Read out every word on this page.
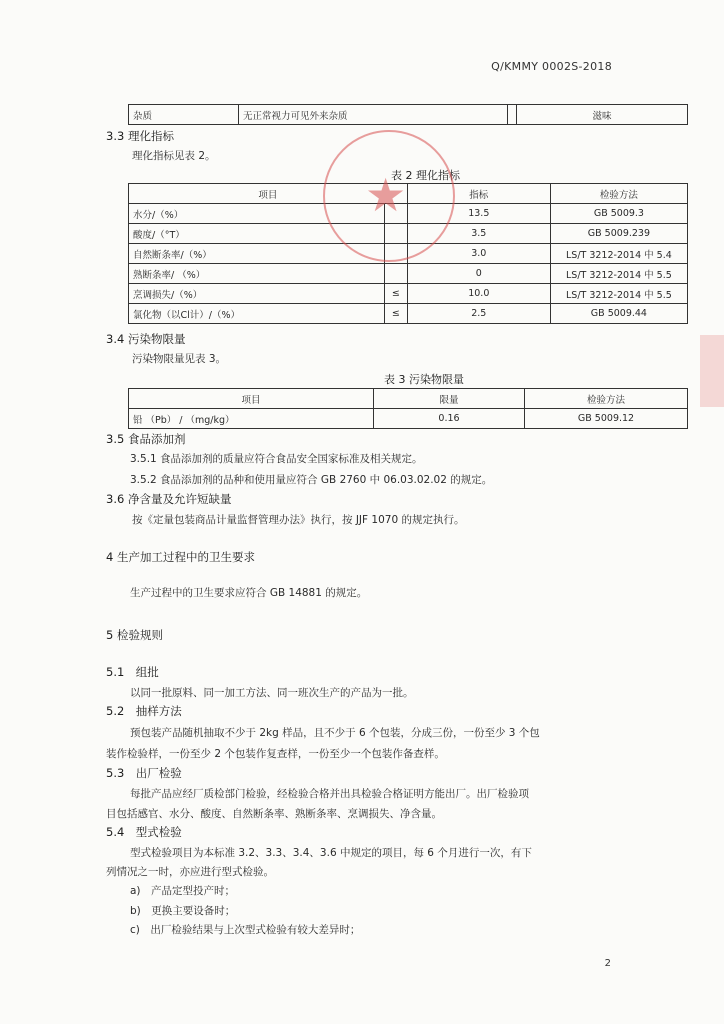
Q/KMMY 0002S-2018
杂质	无正常视力可见外来杂质		滋味
3.3 理化指标
理化指标见表 2。
表 2 理化指标
项目		指标	检验方法
水分/（%）		13.5	GB 5009.3
酸度/（°T）		3.5	GB 5009.239
自然断条率/（%）		3.0	LS/T 3212-2014 中 5.4
熟断条率/ （%）		0	LS/T 3212-2014 中 5.5
烹调损失/（%）	≤	10.0	LS/T 3212-2014 中 5.5
氯化物（以Cl计）/（%）	≤	2.5	GB 5009.44
★
3.4 污染物限量
污染物限量见表 3。
表 3 污染物限量
项目	限量	检验方法
铅 （Pb） / （mg/kg）	0.16	GB 5009.12
3.5 食品添加剂
3.5.1 食品添加剂的质量应符合食品安全国家标准及相关规定。
3.5.2 食品添加剂的品种和使用量应符合 GB 2760 中 06.03.02.02 的规定。
3.6 净含量及允许短缺量
按《定量包装商品计量监督管理办法》执行，按 JJF 1070 的规定执行。
4 生产加工过程中的卫生要求
生产过程中的卫生要求应符合 GB 14881 的规定。
5 检验规则
5.1　组批
以同一批原料、同一加工方法、同一班次生产的产品为一批。
5.2　抽样方法
预包装产品随机抽取不少于 2kg 样品，且不少于 6 个包装，分成三份，一份至少 3 个包
装作检验样，一份至少 2 个包装作复查样，一份至少一个包装作备查样。
5.3　出厂检验
每批产品应经厂质检部门检验，经检验合格并出具检验合格证明方能出厂。出厂检验项
目包括感官、水分、酸度、自然断条率、熟断条率、烹调损失、净含量。
5.4　型式检验
型式检验项目为本标准 3.2、3.3、3.4、3.6 中规定的项目，每 6 个月进行一次，有下
列情况之一时，亦应进行型式检验。
a)　产品定型投产时；
b)　更换主要设备时；
c)　出厂检验结果与上次型式检验有较大差异时；
2
